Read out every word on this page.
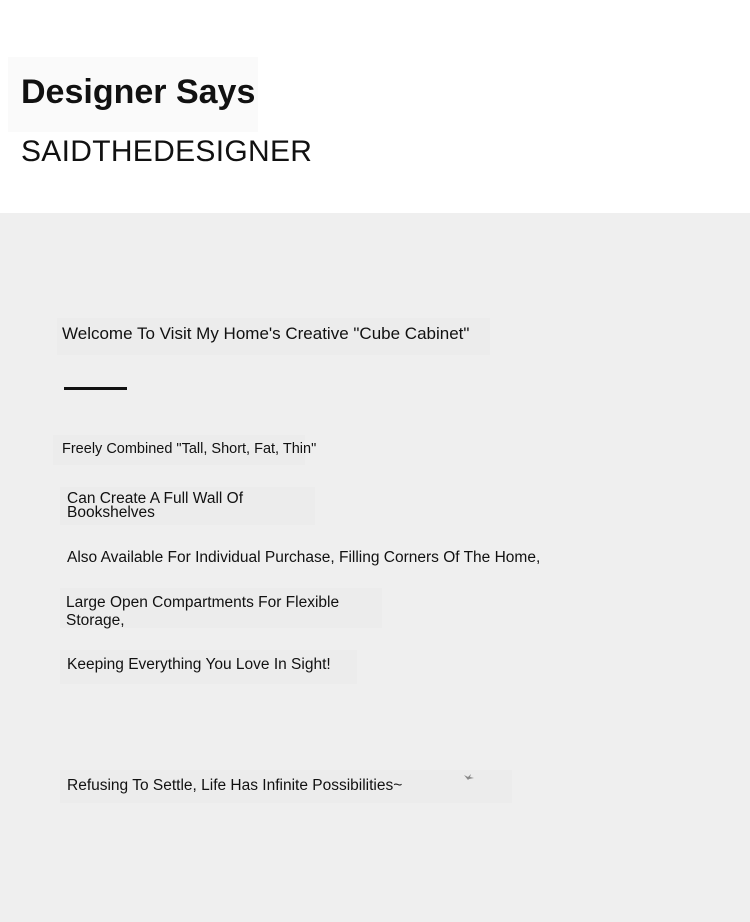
Designer Says
SAIDTHEDESIGNER
Welcome To Visit My Home's Creative "Cube Cabinet"
Freely Combined "Tall, Short, Fat, Thin"
Can Create A Full Wall Of Bookshelves
Also Available For Individual Purchase, Filling Corners Of The Home,
Large Open Compartments For Flexible Storage,
Keeping Everything You Love In Sight!
Refusing To Settle, Life Has Infinite Possibilities~
